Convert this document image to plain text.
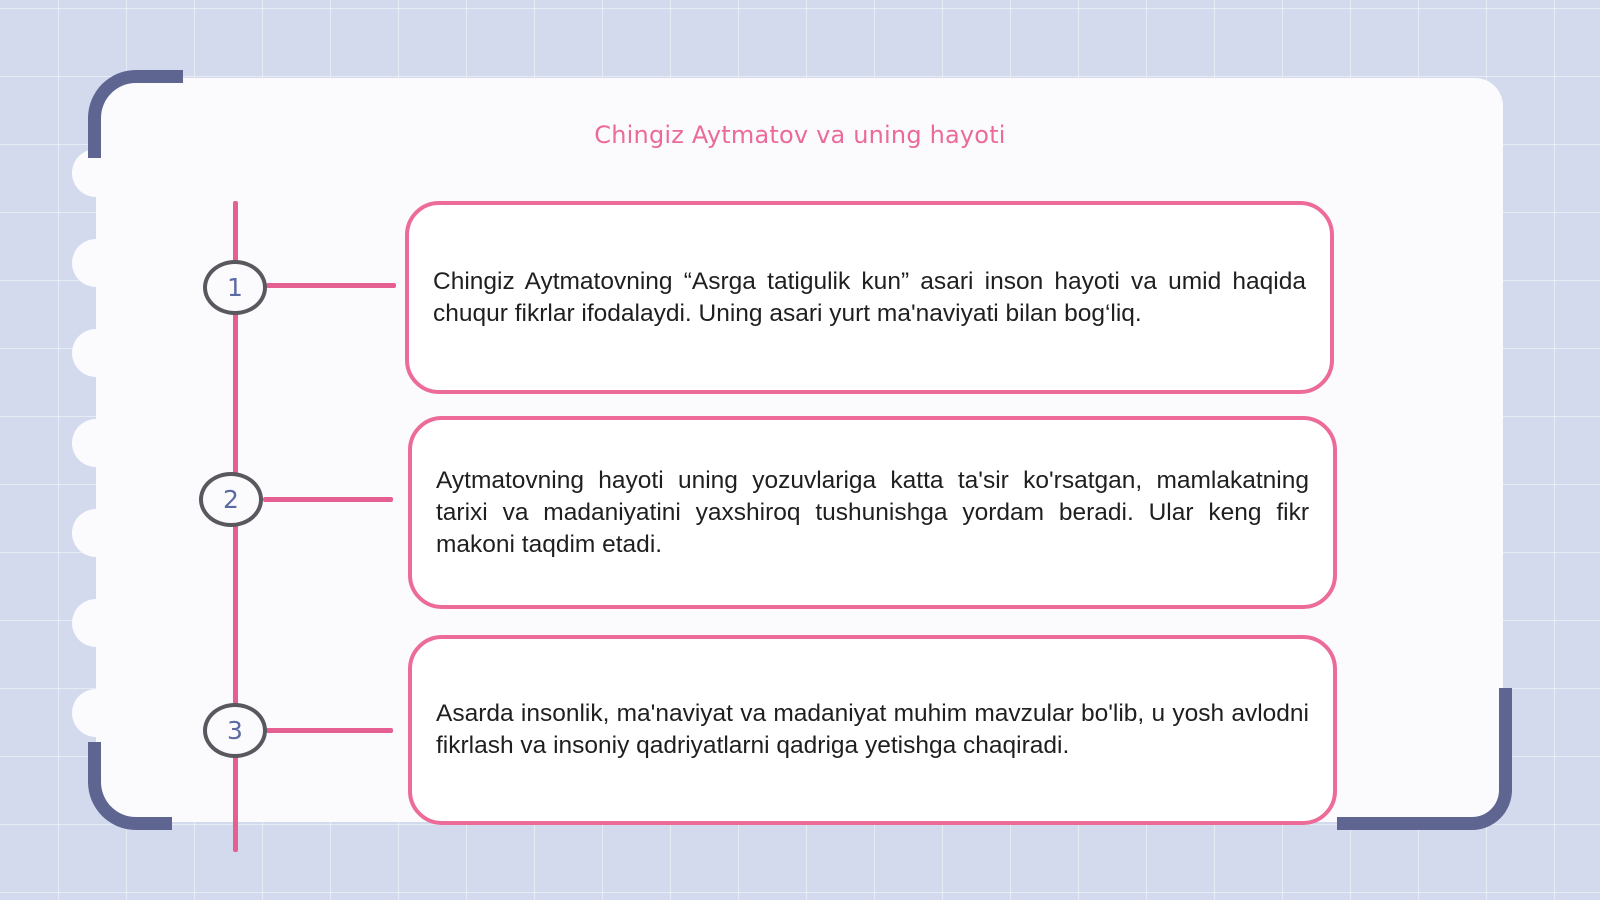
Chingiz Aytmatov va uning hayoti
1	Chingiz Aytmatovning “Asrga tatigulik kun” asari inson hayoti va umid haqida chuqur fikrlar ifodalaydi. Uning asari yurt ma'naviyati bilan bog‘liq.
2
Aytmatovning hayoti uning yozuvlariga katta ta'sir ko'rsatgan, mamlakatning tarixi va madaniyatini yaxshiroq tushunishga yordam beradi. Ular keng fikr makoni taqdim etadi.
3
Asarda insonlik, ma'naviyat va madaniyat muhim mavzular bo'lib, u yosh avlodni fikrlash va insoniy qadriyatlarni qadriga yetishga chaqiradi.
